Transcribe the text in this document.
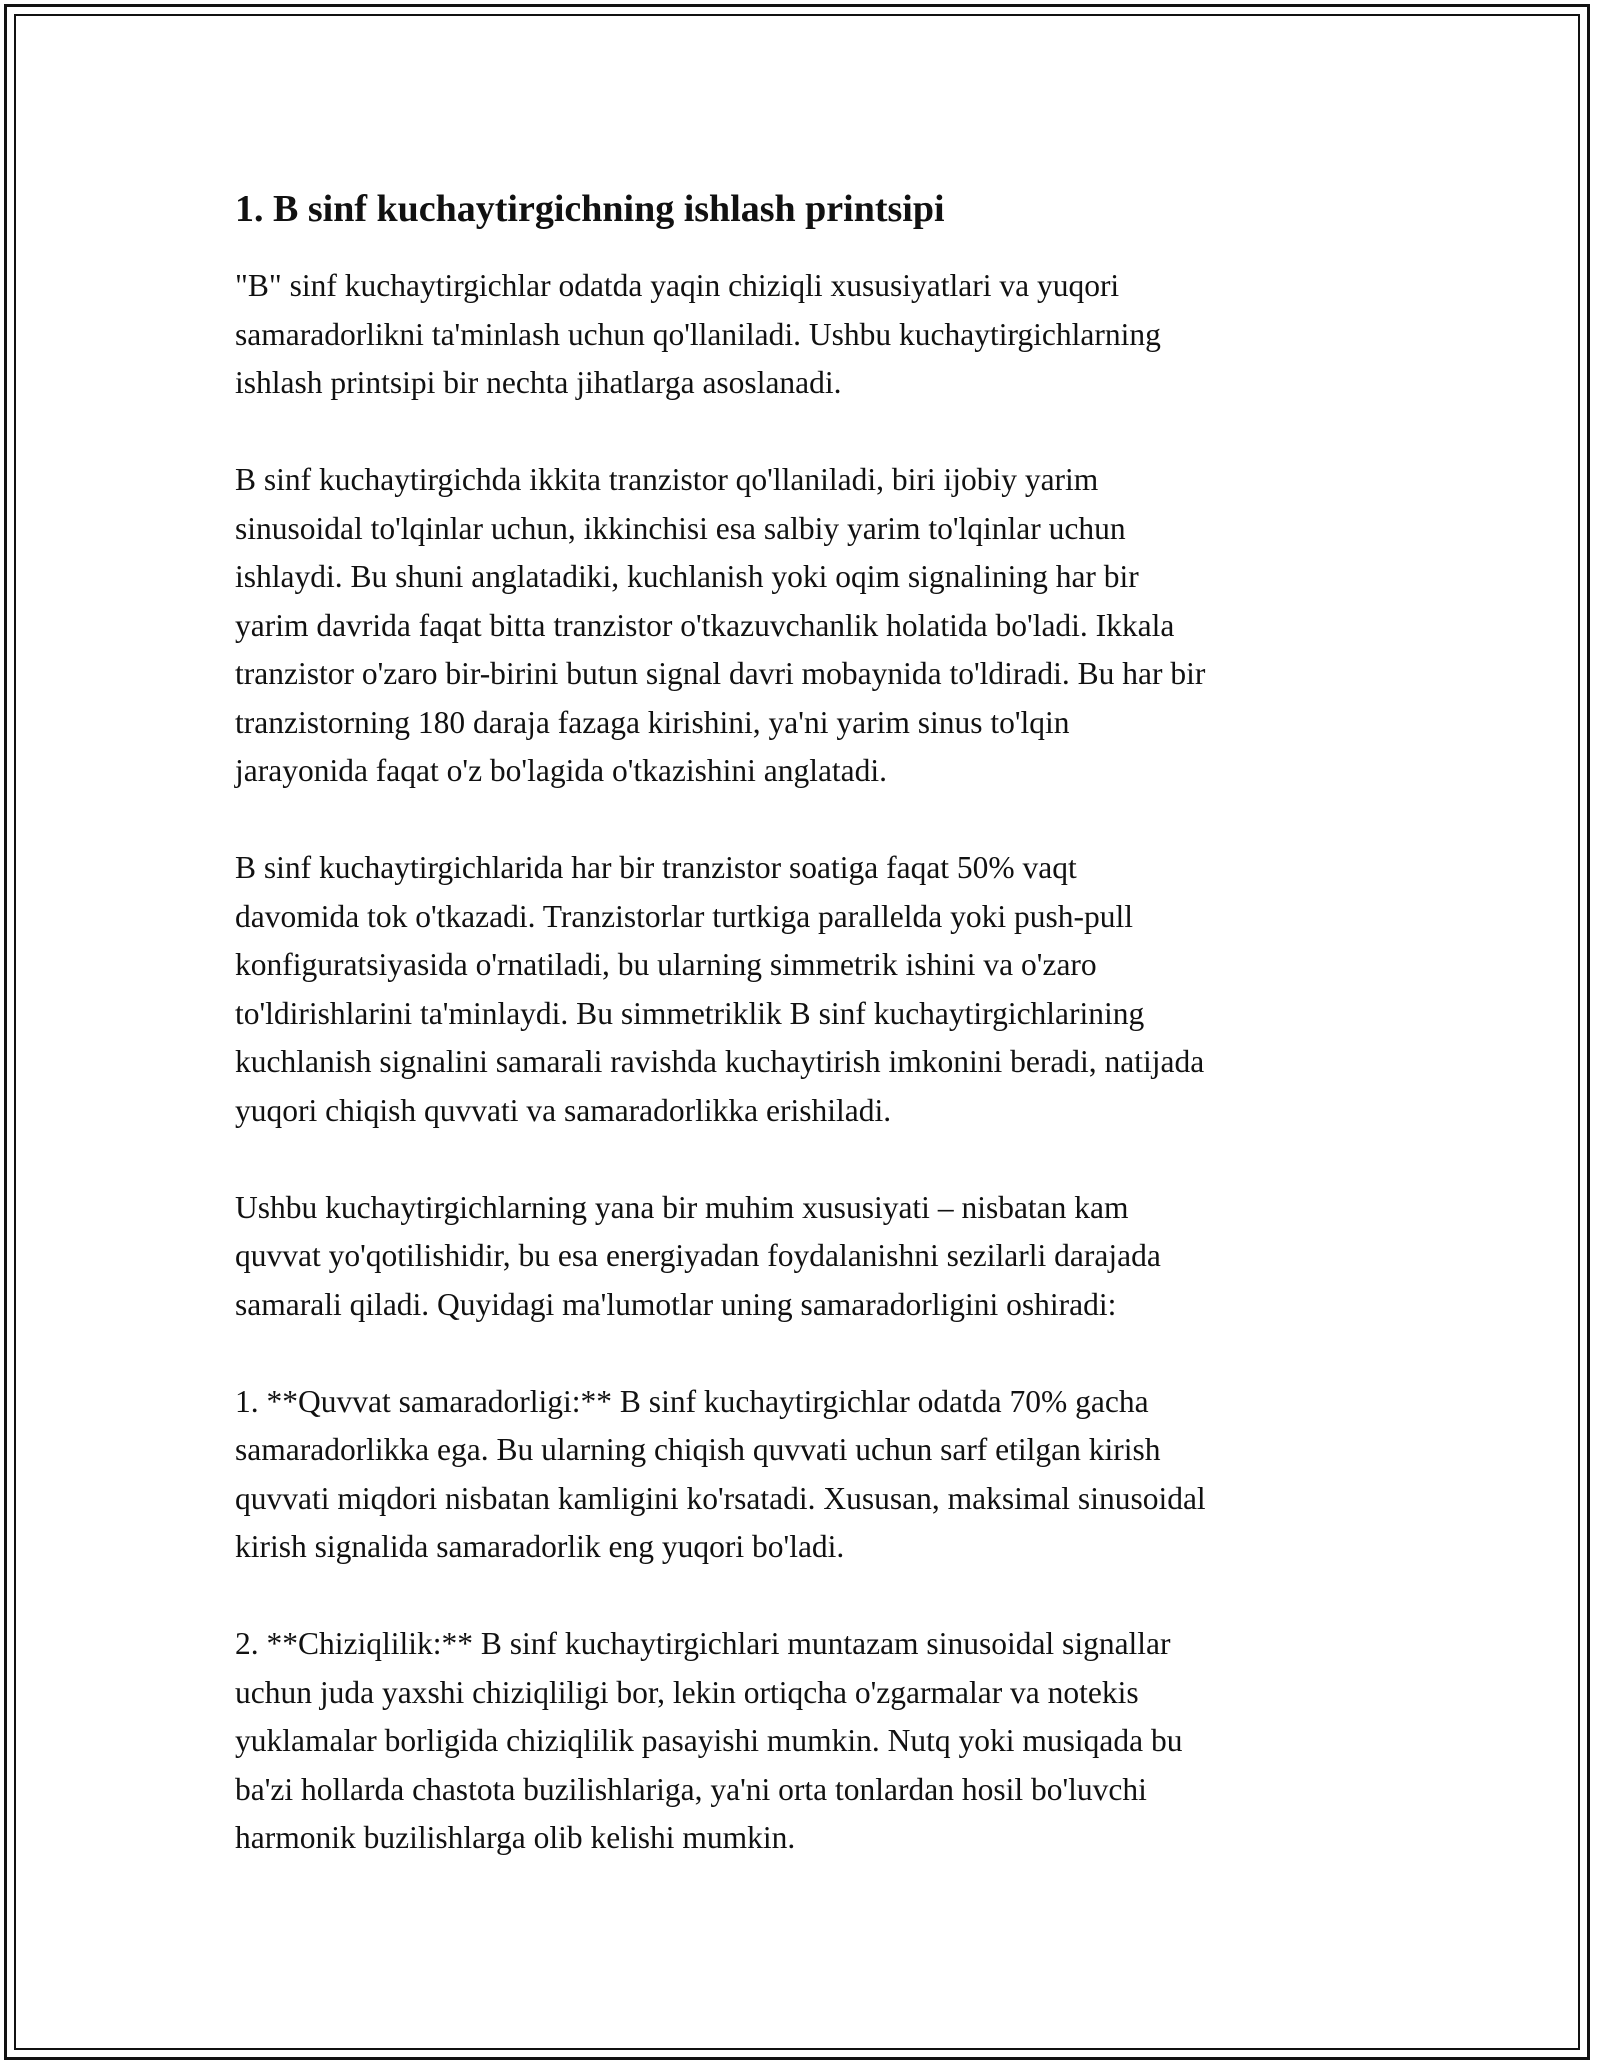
1. B sinf kuchaytirgichning ishlash printsipi

"B" sinf kuchaytirgichlar odatda yaqin chiziqli xususiyatlari va yuqori
samaradorlikni ta'minlash uchun qo'llaniladi. Ushbu kuchaytirgichlarning
ishlash printsipi bir nechta jihatlarga asoslanadi.

B sinf kuchaytirgichda ikkita tranzistor qo'llaniladi, biri ijobiy yarim
sinusoidal to'lqinlar uchun, ikkinchisi esa salbiy yarim to'lqinlar uchun
ishlaydi. Bu shuni anglatadiki, kuchlanish yoki oqim signalining har bir
yarim davrida faqat bitta tranzistor o'tkazuvchanlik holatida bo'ladi. Ikkala
tranzistor o'zaro bir-birini butun signal davri mobaynida to'ldiradi. Bu har bir
tranzistorning 180 daraja fazaga kirishini, ya'ni yarim sinus to'lqin
jarayonida faqat o'z bo'lagida o'tkazishini anglatadi.

B sinf kuchaytirgichlarida har bir tranzistor soatiga faqat 50% vaqt
davomida tok o'tkazadi. Tranzistorlar turtkiga parallelda yoki push-pull
konfiguratsiyasida o'rnatiladi, bu ularning simmetrik ishini va o'zaro
to'ldirishlarini ta'minlaydi. Bu simmetriklik B sinf kuchaytirgichlarining
kuchlanish signalini samarali ravishda kuchaytirish imkonini beradi, natijada
yuqori chiqish quvvati va samaradorlikka erishiladi.

Ushbu kuchaytirgichlarning yana bir muhim xususiyati – nisbatan kam
quvvat yo'qotilishidir, bu esa energiyadan foydalanishni sezilarli darajada
samarali qiladi. Quyidagi ma'lumotlar uning samaradorligini oshiradi:

1. **Quvvat samaradorligi:** B sinf kuchaytirgichlar odatda 70% gacha
samaradorlikka ega. Bu ularning chiqish quvvati uchun sarf etilgan kirish
quvvati miqdori nisbatan kamligini ko'rsatadi. Xususan, maksimal sinusoidal
kirish signalida samaradorlik eng yuqori bo'ladi.

2. **Chiziqlilik:** B sinf kuchaytirgichlari muntazam sinusoidal signallar
uchun juda yaxshi chiziqliligi bor, lekin ortiqcha o'zgarmalar va notekis
yuklamalar borligida chiziqlilik pasayishi mumkin. Nutq yoki musiqada bu
ba'zi hollarda chastota buzilishlariga, ya'ni orta tonlardan hosil bo'luvchi
harmonik buzilishlarga olib kelishi mumkin.
